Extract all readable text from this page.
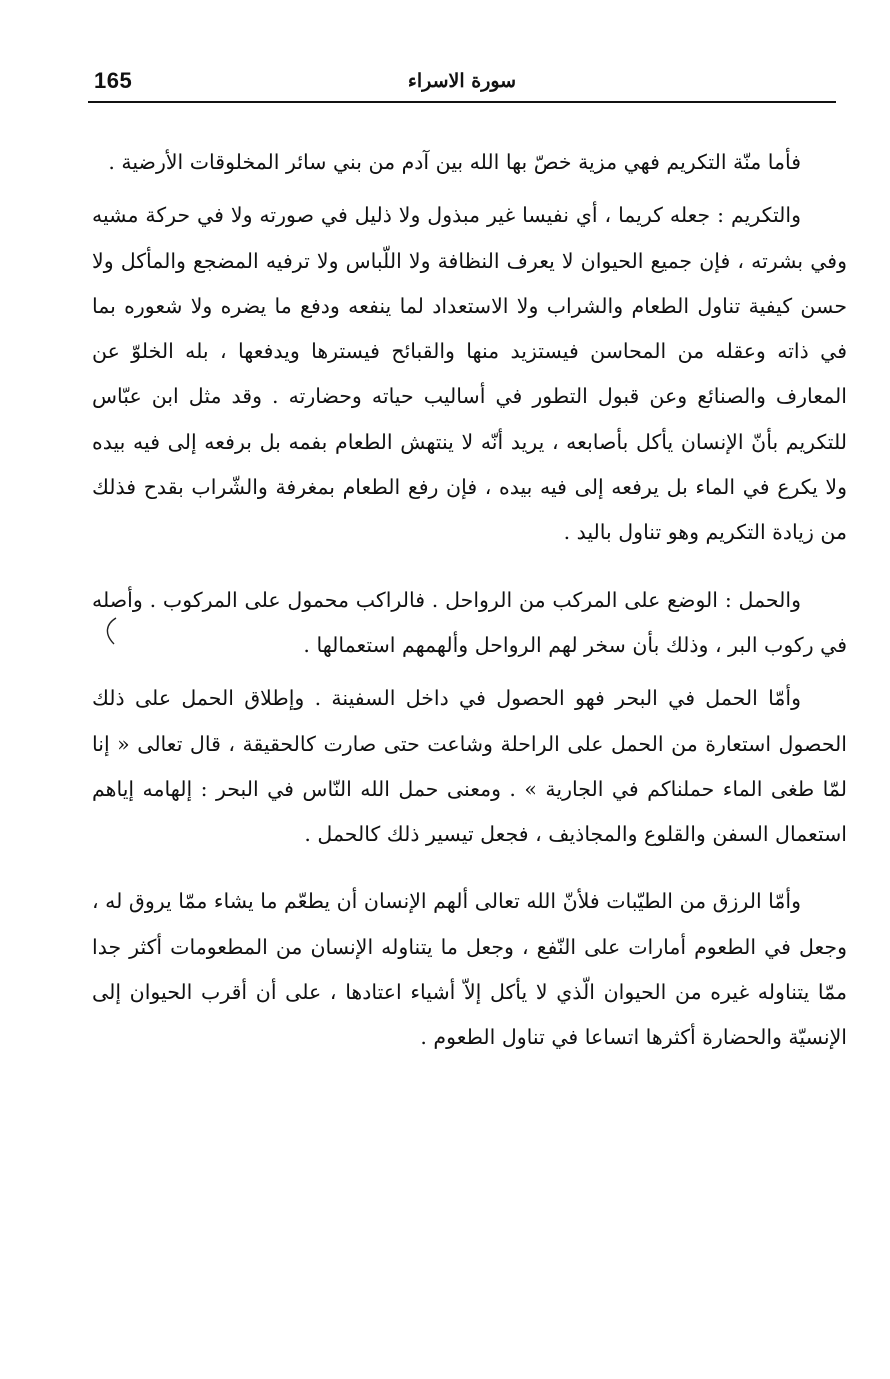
165	سورة الاسراء

فأما منّة التكريم فهي مزية خصّ بها الله بين آدم من بني سائر المخلوقات الأرضية .

والتكريم : جعله كريما ، أي نفيسا غير مبذول ولا ذليل في صورته ولا في حركة مشيه وفي بشرته ، فإن جميع الحيوان لا يعرف النظافة ولا اللّباس ولا ترفيه المضجع والمأكل ولا حسن كيفية تناول الطعام والشراب ولا الاستعداد لما ينفعه ودفع ما يضره ولا شعوره بما في ذاته وعقله من المحاسن فيستزيد منها والقبائح فيسترها ويدفعها ، بله الخلوّ عن المعارف والصنائع وعن قبول التطور في أساليب حياته وحضارته . وقد مثل ابن عبّاس للتكريم بأنّ الإنسان يأكل بأصابعه ، يريد أنّه لا ينتهش الطعام بفمه بل برفعه إلى فيه بيده ولا يكرع في الماء بل يرفعه إلى فيه بيده ، فإن رفع الطعام بمغرفة والشّراب بقدح فذلك من زيادة التكريم وهو تناول باليد .

والحمل : الوضع على المركب من الرواحل . فالراكب محمول على المركوب . وأصله في ركوب البر ، وذلك بأن سخر لهم الرواحل وألهمهم استعمالها .

وأمّا الحمل في البحر فهو الحصول في داخل السفينة . وإطلاق الحمل على ذلك الحصول استعارة من الحمل على الراحلة وشاعت حتى صارت كالحقيقة ، قال تعالى « إنا لمّا طغى الماء حملناكم في الجارية » . ومعنى حمل الله النّاس في البحر : إلهامه إياهم استعمال السفن والقلوع والمجاذيف ، فجعل تيسير ذلك كالحمل .

وأمّا الرزق من الطيّبات فلأنّ الله تعالى ألهم الإنسان أن يطعّم ما يشاء ممّا يروق له ، وجعل في الطعوم أمارات على النّفع ، وجعل ما يتناوله الإنسان من المطعومات أكثر جدا ممّا يتناوله غيره من الحيوان الّذي لا يأكل إلاّ أشياء اعتادها ، على أن أقرب الحيوان إلى الإنسيّة والحضارة أكثرها اتساعا في تناول الطعوم .
